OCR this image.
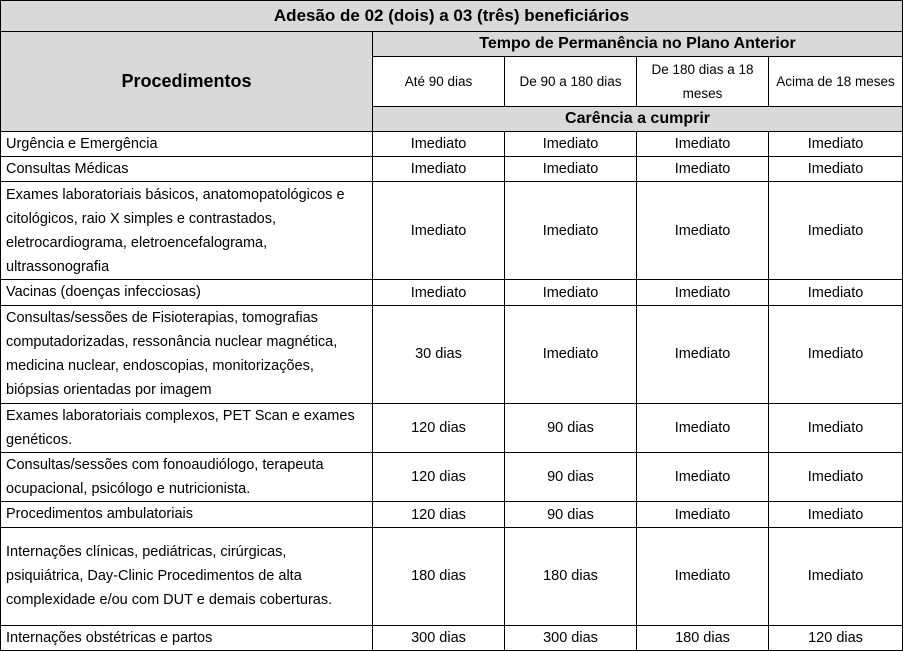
Adesão de 02 (dois) a 03 (três) beneficiários				
Procedimentos	Tempo de Permanência no Plano Anterior			
	Até 90 dias	De 90 a 180 dias	De 180 dias a 18 meses	Acima de 18 meses
	Carência a cumprir			
Urgência e Emergência	Imediato	Imediato	Imediato	Imediato
Consultas Médicas	Imediato	Imediato	Imediato	Imediato
Exames laboratoriais básicos, anatomopatológicos e citológicos, raio X simples e contrastados, eletrocardiograma, eletroencefalograma, ultrassonografia	Imediato	Imediato	Imediato	Imediato
Vacinas (doenças infecciosas)	Imediato	Imediato	Imediato	Imediato
Consultas/sessões de Fisioterapias, tomografias computadorizadas, ressonância nuclear magnética, medicina nuclear, endoscopias, monitorizações, biópsias orientadas por imagem	30 dias	Imediato	Imediato	Imediato
Exames laboratoriais complexos, PET Scan e exames genéticos.	120 dias	90 dias	Imediato	Imediato
Consultas/sessões com fonoaudiólogo, terapeuta ocupacional, psicólogo e nutricionista.	120 dias	90 dias	Imediato	Imediato
Procedimentos ambulatoriais	120 dias	90 dias	Imediato	Imediato
Internações clínicas, pediátricas, cirúrgicas, psiquiátrica, Day-Clinic Procedimentos de alta complexidade e/ou com DUT e demais coberturas.	180 dias	180 dias	Imediato	Imediato
Internações obstétricas e partos	300 dias	300 dias	180 dias	120 dias
